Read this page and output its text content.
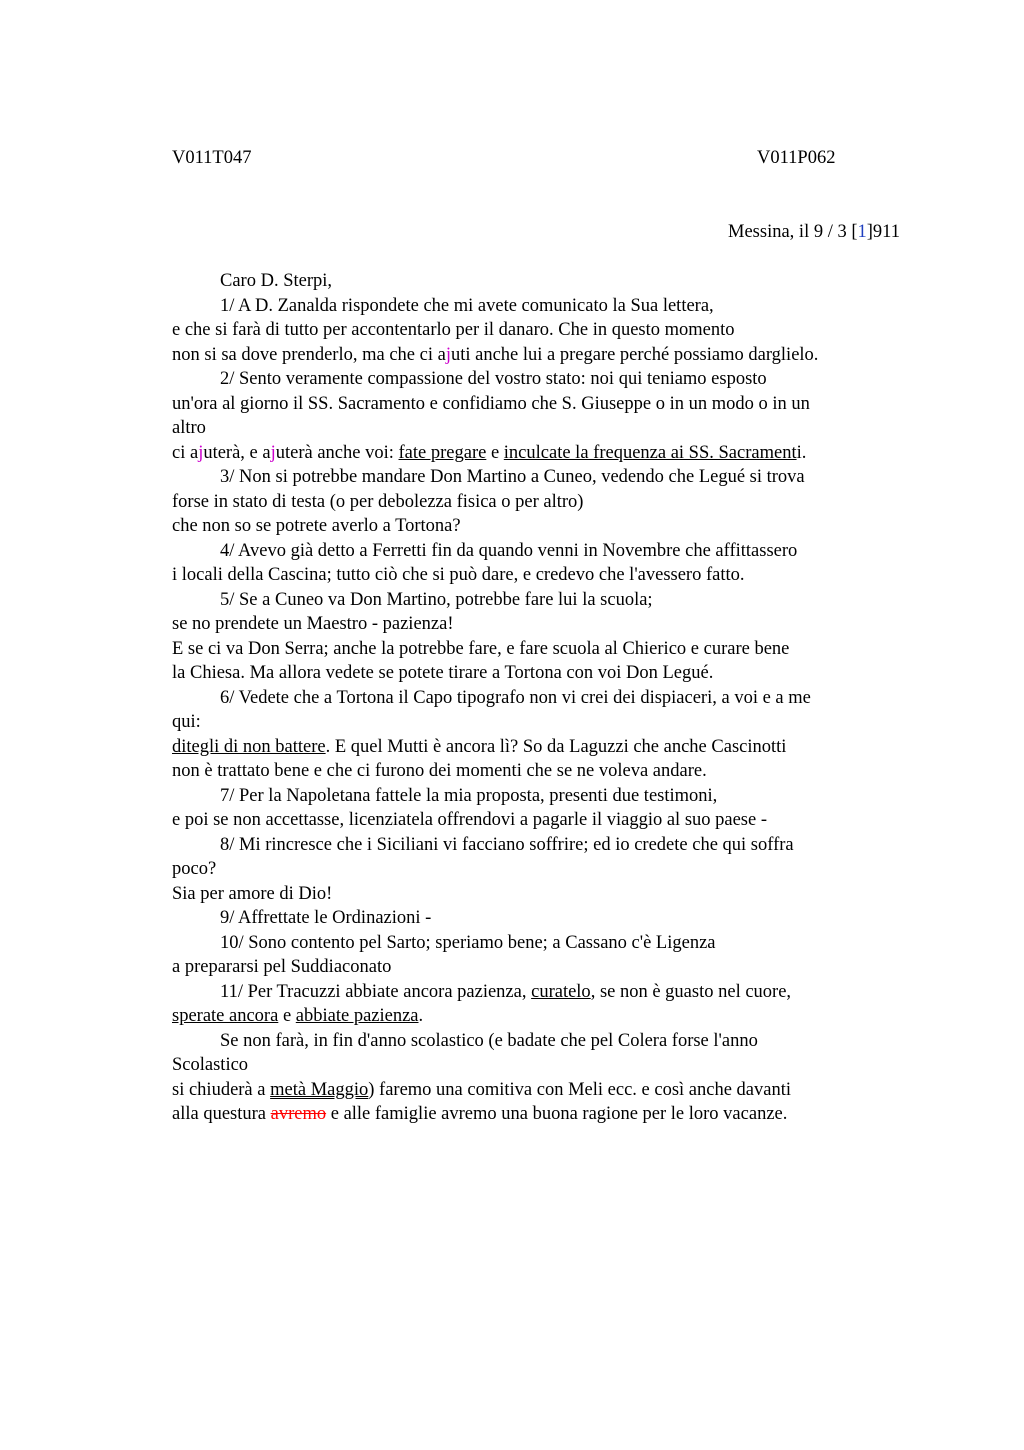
V011T047	V011P062
Messina, il 9 / 3 [1]911
Caro D. Sterpi,
1/ A D. Zanalda rispondete che mi avete comunicato la Sua lettera,
e che si farà di tutto per accontentarlo per il danaro. Che in questo momento
non si sa dove prenderlo, ma che ci ajuti anche lui a pregare perché possiamo darglielo.
2/ Sento veramente compassione del vostro stato: noi qui teniamo esposto
un'ora al giorno il SS. Sacramento e confidiamo che S. Giuseppe o in un modo o in un
altro
ci ajuterà, e ajuterà anche voi: fate pregare e inculcate la frequenza ai SS. Sacramenti.
3/ Non si potrebbe mandare Don Martino a Cuneo, vedendo che Legué si trova
forse in stato di testa (o per debolezza fisica o per altro)
che non so se potrete averlo a Tortona?
4/ Avevo già detto a Ferretti fin da quando venni in Novembre che affittassero
i locali della Cascina; tutto ciò che si può dare, e credevo che l'avessero fatto.
5/ Se a Cuneo va Don Martino, potrebbe fare lui la scuola;
se no prendete un Maestro - pazienza!
E se ci va Don Serra; anche la potrebbe fare, e fare scuola al Chierico e curare bene
la Chiesa. Ma allora vedete se potete tirare a Tortona con voi Don Legué.
6/ Vedete che a Tortona il Capo tipografo non vi crei dei dispiaceri, a voi e a me
qui:
ditegli di non battere. E quel Mutti è ancora lì? So da Laguzzi che anche Cascinotti
non è trattato bene e che ci furono dei momenti che se ne voleva andare.
7/ Per la Napoletana fattele la mia proposta, presenti due testimoni,
e poi se non accettasse, licenziatela offrendovi a pagarle il viaggio al suo paese -
8/ Mi rincresce che i Siciliani vi facciano soffrire; ed io credete che qui soffra
poco?
Sia per amore di Dio!
9/ Affrettate le Ordinazioni -
10/ Sono contento pel Sarto; speriamo bene; a Cassano c'è Ligenza
a prepararsi pel Suddiaconato
11/ Per Tracuzzi abbiate ancora pazienza, curatelo, se non è guasto nel cuore,
sperate ancora e abbiate pazienza.
Se non farà, in fin d'anno scolastico (e badate che pel Colera forse l'anno
Scolastico
si chiuderà a metà Maggio) faremo una comitiva con Meli ecc. e così anche davanti
alla questura avremo e alle famiglie avremo una buona ragione per le loro vacanze.
